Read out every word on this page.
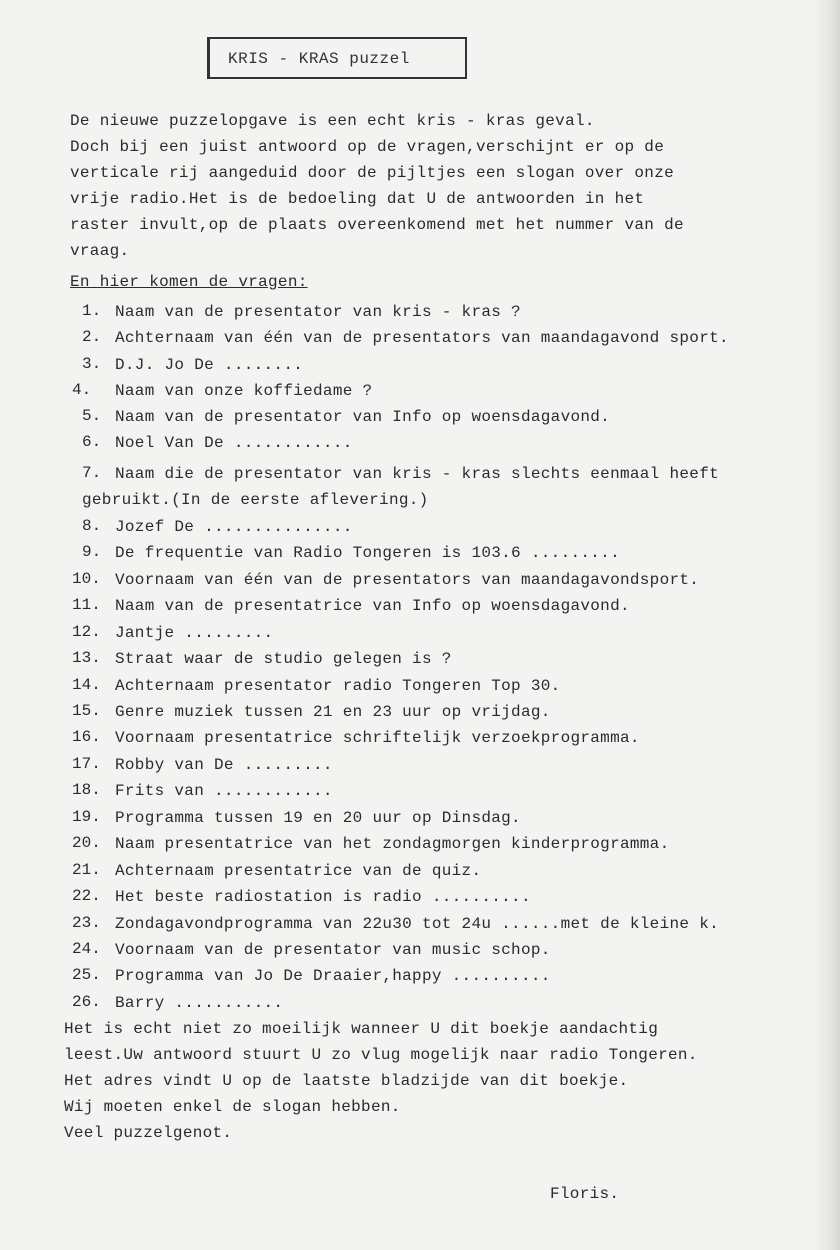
KRIS - KRAS puzzel
De nieuwe puzzelopgave is een echt kris - kras geval.
Doch bij een juist antwoord op de vragen,verschijnt er op de
verticale rij aangeduid door de pijltjes een slogan over onze
vrije radio.Het is de bedoeling dat U de antwoorden in het
raster invult,op de plaats overeenkomend met het nummer van de
vraag.
En hier komen de vragen:
1. Naam van de presentator van kris - kras ?
2. Achternaam van één van de presentators van maandagavond sport.
3. D.J. Jo De ........
4. Naam van onze koffiedame ?
5. Naam van de presentator van Info op woensdagavond.
6. Noel Van De ............
7. Naam die de presentator van kris - kras slechts eenmaal heeft
gebruikt.(In de eerste aflevering.)
8. Jozef De ...............
9. De frequentie van Radio Tongeren is 103.6 .........
10. Voornaam van één van de presentators van maandagavondsport.
11. Naam van de presentatrice van Info op woensdagavond.
12. Jantje .........
13. Straat waar de studio gelegen is ?
14. Achternaam presentator radio Tongeren Top 30.
15. Genre muziek tussen 21 en 23 uur op vrijdag.
16. Voornaam presentatrice schriftelijk verzoekprogramma.
17. Robby van De .........
18. Frits van ............
19. Programma tussen 19 en 20 uur op Dinsdag.
20. Naam presentatrice van het zondagmorgen kinderprogramma.
21. Achternaam presentatrice van de quiz.
22. Het beste radiostation is radio ..........
23. Zondagavondprogramma van 22u30 tot 24u ......met de kleine k.
24. Voornaam van de presentator van music schop.
25. Programma van Jo De Draaier,happy ..........
26. Barry ...........
Het is echt niet zo moeilijk wanneer U dit boekje aandachtig
leest.Uw antwoord stuurt U zo vlug mogelijk naar radio Tongeren.
Het adres vindt U op de laatste bladzijde van dit boekje.
Wij moeten enkel de slogan hebben.
Veel puzzelgenot.
Floris.
